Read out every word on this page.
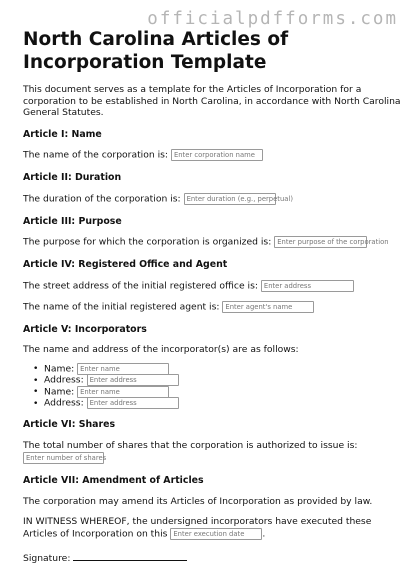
officialpdfforms.com
North Carolina Articles of Incorporation Template

This document serves as a template for the Articles of Incorporation for a corporation to be established in North Carolina, in accordance with North Carolina General Statutes.

Article I: Name

The name of the corporation is: Enter corporation name

Article II: Duration

The duration of the corporation is: Enter duration (e.g., perpetual)

Article III: Purpose

The purpose for which the corporation is organized is: Enter purpose of the corporation

Article IV: Registered Office and Agent

The street address of the initial registered office is: Enter address

The name of the initial registered agent is: Enter agent's name

Article V: Incorporators

The name and address of the incorporator(s) are as follows:

• Name: Enter name
• Address: Enter address
• Name: Enter name
• Address: Enter address

Article VI: Shares

The total number of shares that the corporation is authorized to issue is:

Enter number of shares

Article VII: Amendment of Articles

The corporation may amend its Articles of Incorporation as provided by law.

IN WITNESS WHEREOF, the undersigned incorporators have executed these Articles of Incorporation on this Enter execution date .

Signature:
